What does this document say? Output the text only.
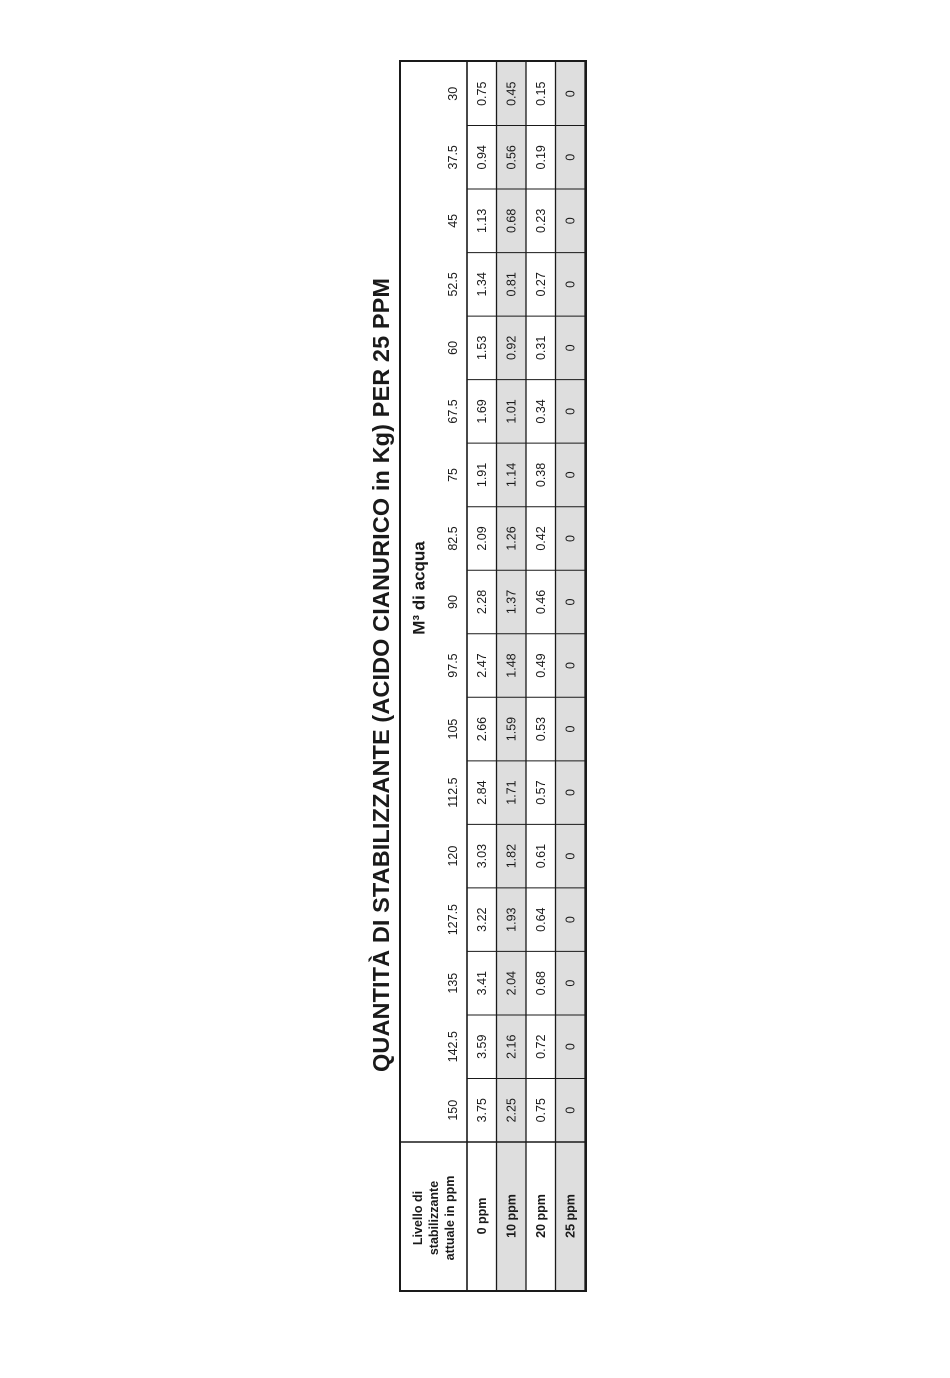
QUANTITÀ DI STABILIZZANTE (ACIDO CIANURICO in Kg) PER 25 PPM M³ di acqua
30
37.5
45
52.5
60
67.5
75
82.5
90
97.5
105
112.5
120
127.5
135
142.5
150
Livello di stabilizzante attuale in ppm 0 ppm
0.75
0.94
1.13
1.34
1.53
1.69
1.91
2.09
2.28
2.47
2.66
2.84
3.03
3.22
3.41
3.59
3.75
10 ppm
0.45
0.56
0.68
0.81
0.92
1.01
1.14
1.26
1.37
1.48
1.59
1.71
1.82
1.93
2.04
2.16
2.25
20 ppm
0.15
0.19
0.23
0.27
0.31
0.34
0.38
0.42
0.46
0.49
0.53
0.57
0.61
0.64
0.68
0.72
0.75
25 ppm
0
0
0
0
0
0
0
0
0
0
0
0
0
0
0
0
0
